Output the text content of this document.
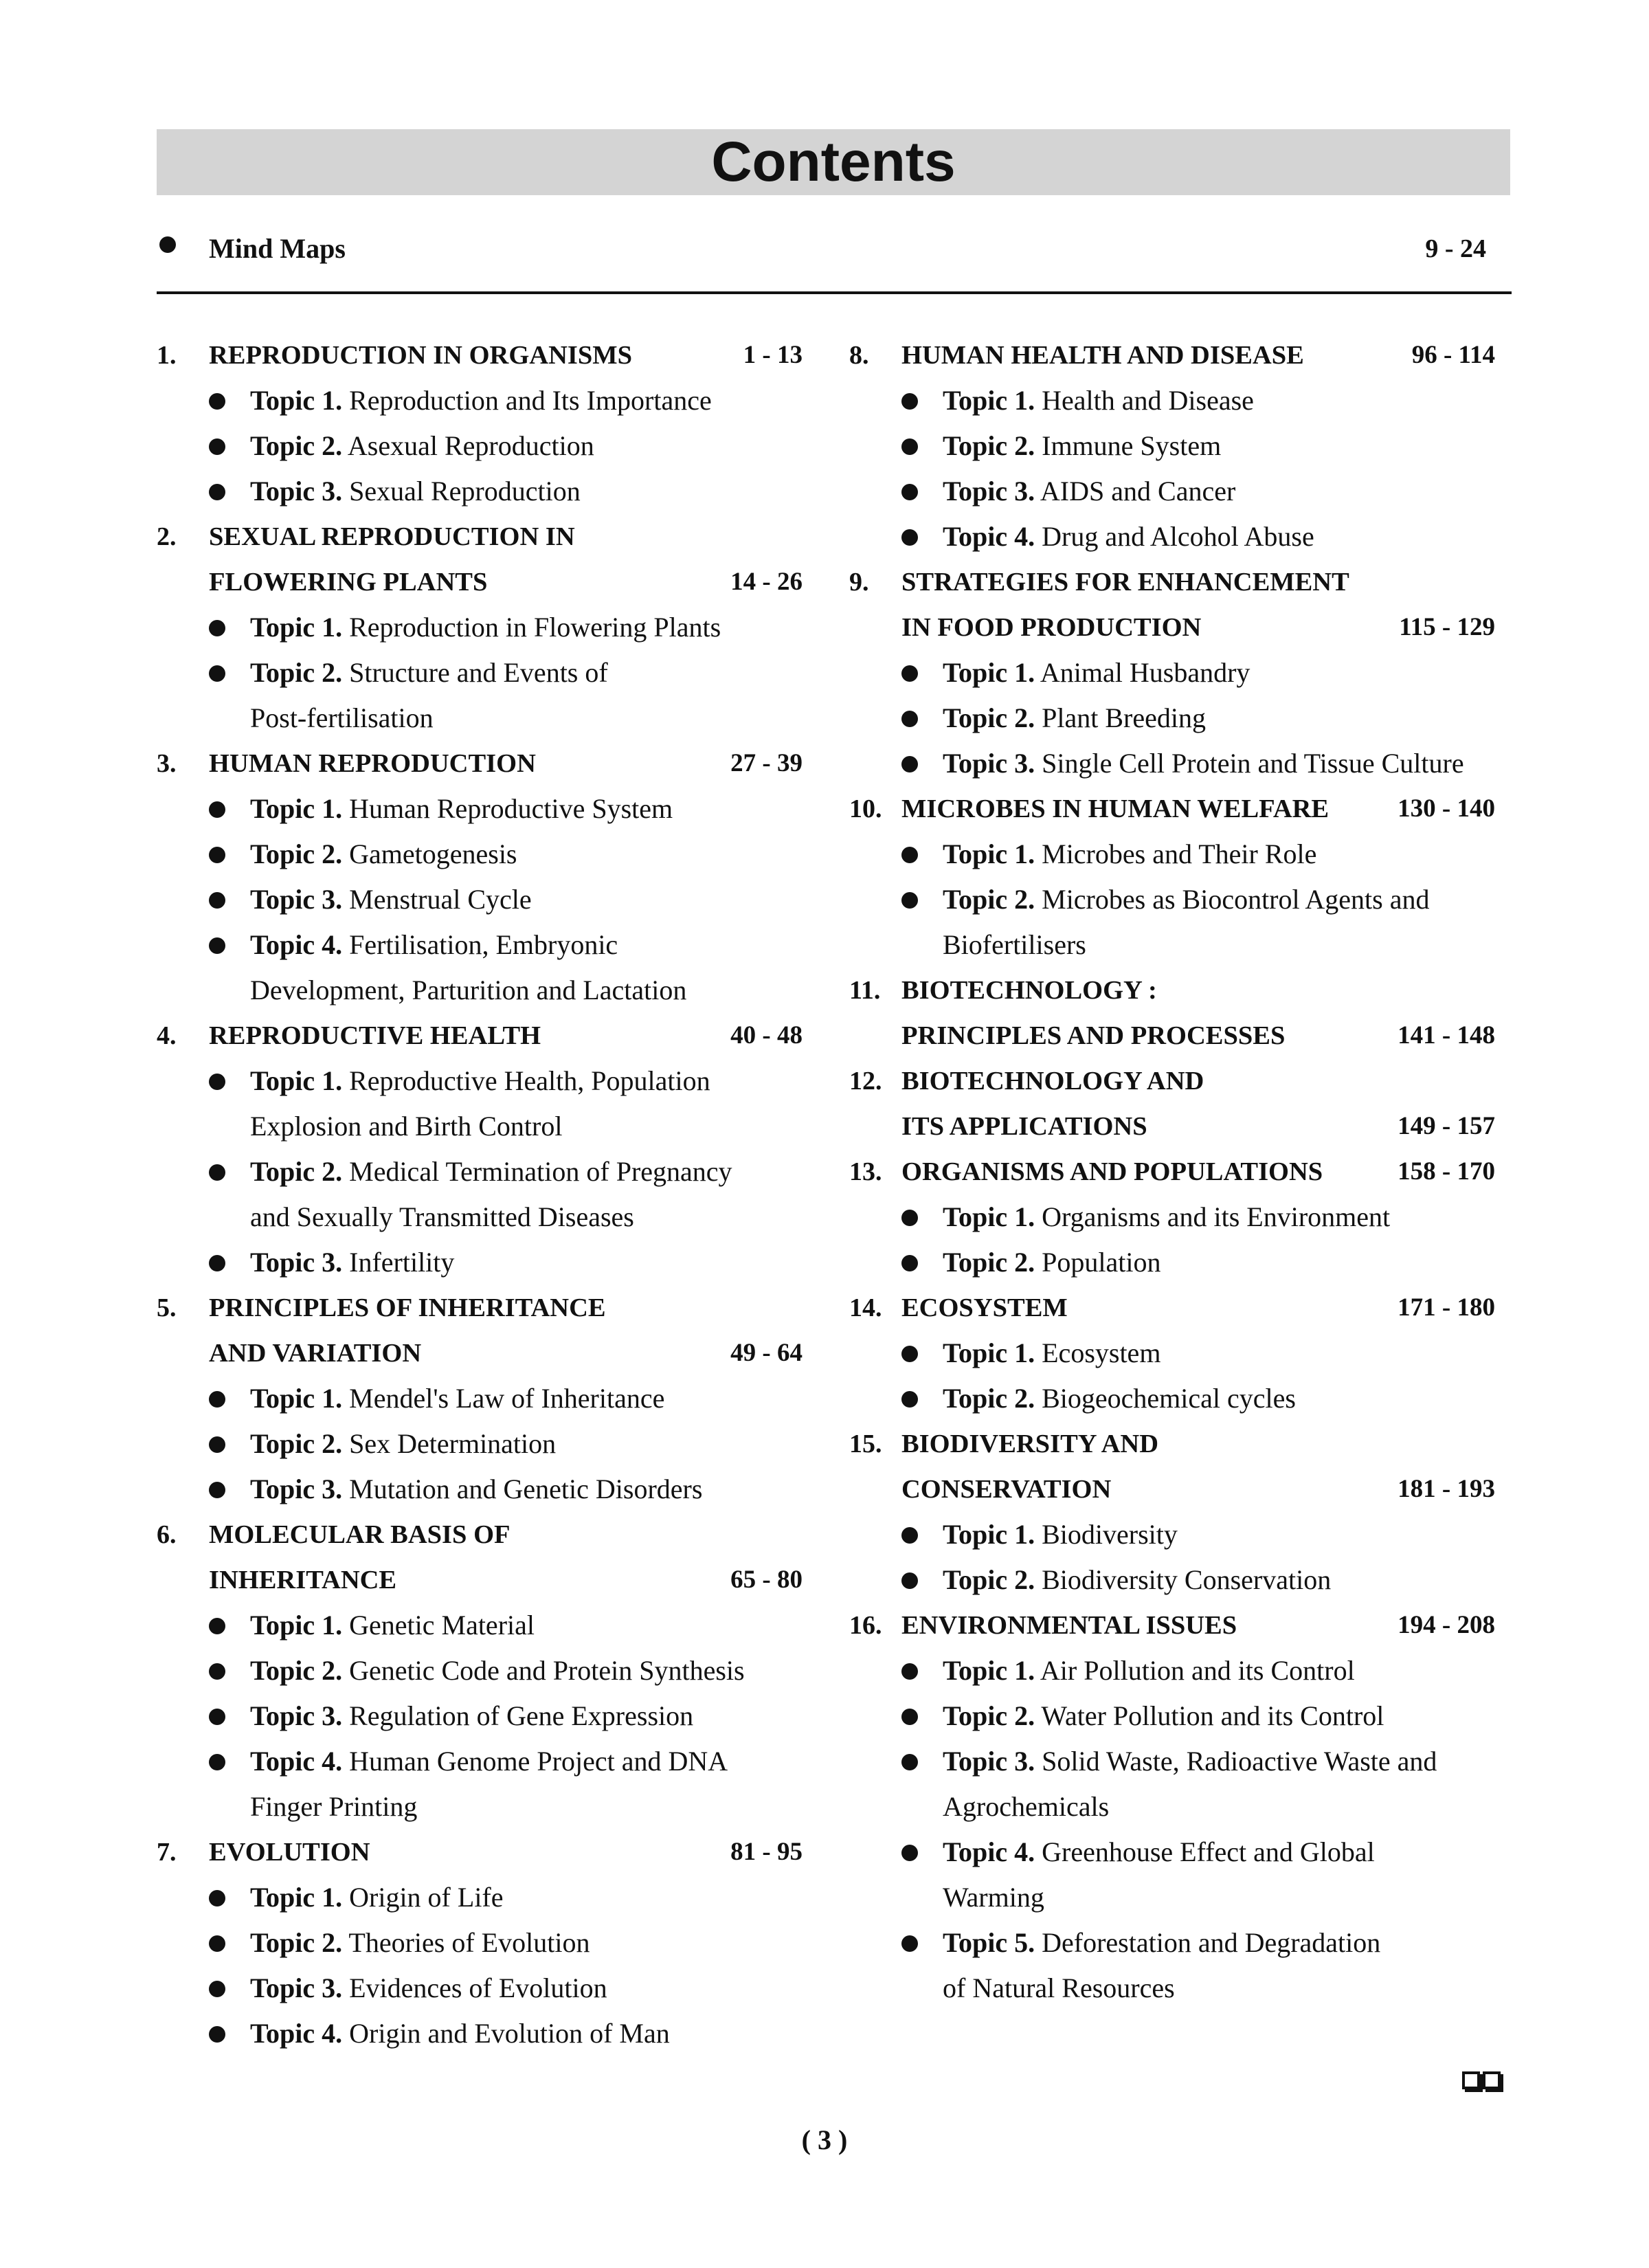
Contents
Mind Maps	9 - 24
1. REPRODUCTION IN ORGANISMS	1 - 13
Topic 1. Reproduction and Its Importance
Topic 2. Asexual Reproduction
Topic 3. Sexual Reproduction
2. SEXUAL REPRODUCTION IN
FLOWERING PLANTS	14 - 26
Topic 1. Reproduction in Flowering Plants
Topic 2. Structure and Events of
Post-fertilisation
3. HUMAN REPRODUCTION	27 - 39
Topic 1. Human Reproductive System
Topic 2. Gametogenesis
Topic 3. Menstrual Cycle
Topic 4. Fertilisation, Embryonic
Development, Parturition and Lactation
4. REPRODUCTIVE HEALTH	40 - 48
Topic 1. Reproductive Health, Population
Explosion and Birth Control
Topic 2. Medical Termination of Pregnancy
and Sexually Transmitted Diseases
Topic 3. Infertility
5. PRINCIPLES OF INHERITANCE
AND VARIATION	49 - 64
Topic 1. Mendel's Law of Inheritance
Topic 2. Sex Determination
Topic 3. Mutation and Genetic Disorders
6. MOLECULAR BASIS OF
INHERITANCE	65 - 80
Topic 1. Genetic Material
Topic 2. Genetic Code and Protein Synthesis
Topic 3. Regulation of Gene Expression
Topic 4. Human Genome Project and DNA
Finger Printing
7. EVOLUTION	81 - 95
Topic 1. Origin of Life
Topic 2. Theories of Evolution
Topic 3. Evidences of Evolution
Topic 4. Origin and Evolution of Man
8. HUMAN HEALTH AND DISEASE	96 - 114
Topic 1. Health and Disease
Topic 2. Immune System
Topic 3. AIDS and Cancer
Topic 4. Drug and Alcohol Abuse
9. STRATEGIES FOR ENHANCEMENT
IN FOOD PRODUCTION	115 - 129
Topic 1. Animal Husbandry
Topic 2. Plant Breeding
Topic 3. Single Cell Protein and Tissue Culture
10. MICROBES IN HUMAN WELFARE	130 - 140
Topic 1. Microbes and Their Role
Topic 2. Microbes as Biocontrol Agents and
Biofertilisers
11. BIOTECHNOLOGY :
PRINCIPLES AND PROCESSES	141 - 148
12. BIOTECHNOLOGY AND
ITS APPLICATIONS	149 - 157
13. ORGANISMS AND POPULATIONS	158 - 170
Topic 1. Organisms and its Environment
Topic 2. Population
14. ECOSYSTEM	171 - 180
Topic 1. Ecosystem
Topic 2. Biogeochemical cycles
15. BIODIVERSITY AND
CONSERVATION	181 - 193
Topic 1. Biodiversity
Topic 2. Biodiversity Conservation
16. ENVIRONMENTAL ISSUES	194 - 208
Topic 1. Air Pollution and its Control
Topic 2. Water Pollution and its Control
Topic 3. Solid Waste, Radioactive Waste and
Agrochemicals
Topic 4. Greenhouse Effect and Global
Warming
Topic 5. Deforestation and Degradation
of Natural Resources
( 3 )
